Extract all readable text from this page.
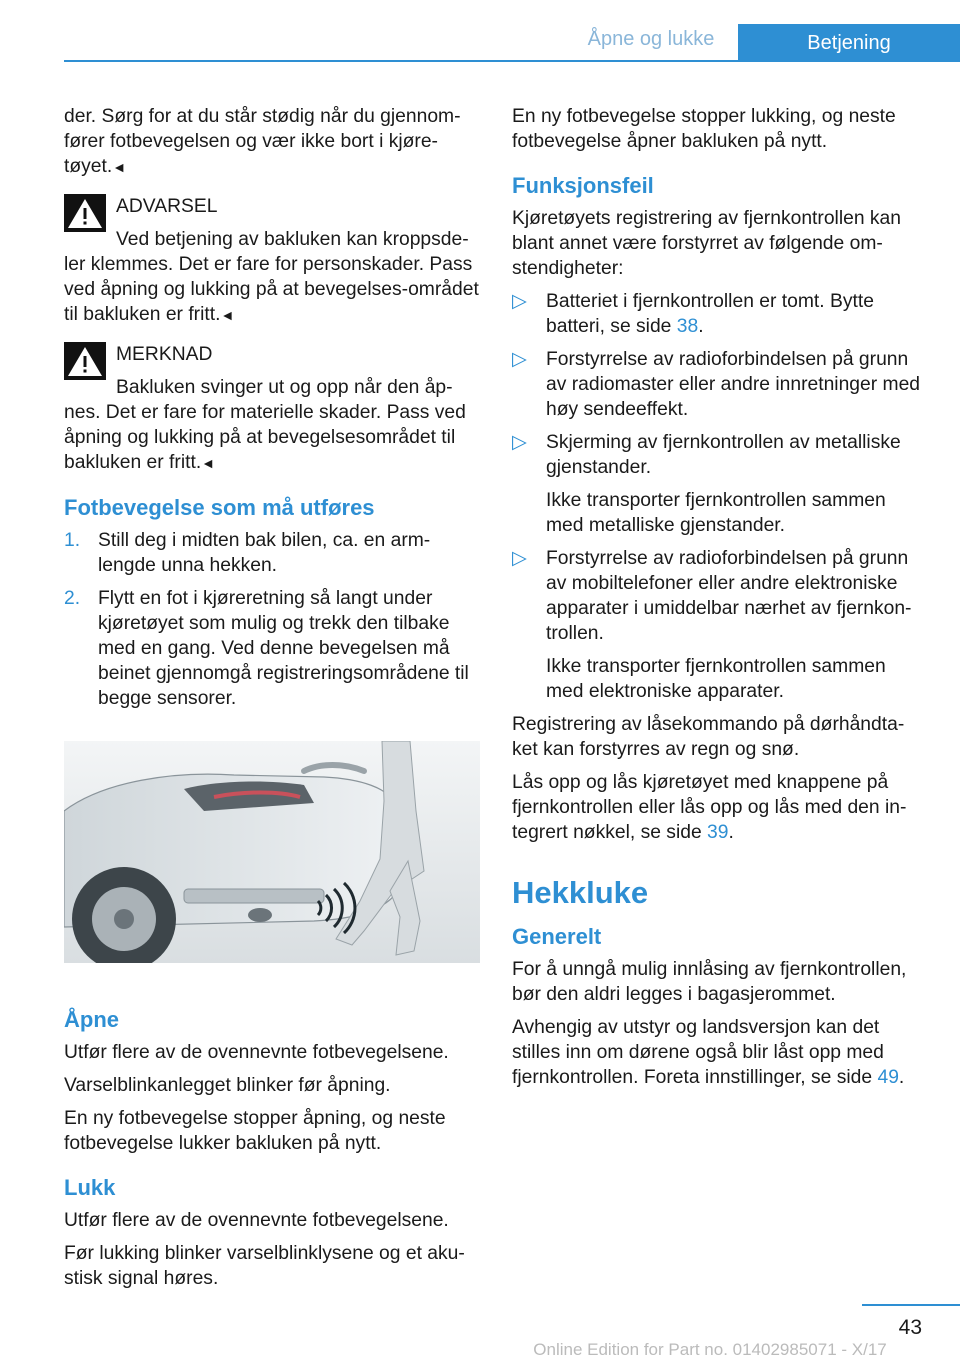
Åpne og lukke	Betjening

der. Sørg for at du står stødig når du gjennom-fører fotbevegelsen og vær ikke bort i kjøre-tøyet.◄

ADVARSEL

Ved betjening av bakluken kan kroppsde-ler klemmes. Det er fare for personskader. Pass ved åpning og lukking på at bevegelses-området til bakluken er fritt.◄

MERKNAD

Bakluken svinger ut og opp når den åp-nes. Det er fare for materielle skader. Pass ved åpning og lukking på at bevegelsesområdet til bakluken er fritt.◄

Fotbevegelse som må utføres
1. Still deg i midten bak bilen, ca. en arm-lengde unna hekken.
2. Flytt en fot i kjøreretning så langt under kjøretøyet som mulig og trekk den tilbake med en gang. Ved denne bevegelsen må beinet gjennomgå registreringsområdene til begge sensorer.
Åpne

Utfør flere av de ovennevnte fotbevegelsene.

Varselblinkanlegget blinker før åpning.

En ny fotbevegelse stopper åpning, og neste fotbevegelse lukker bakluken på nytt.

Lukk

Utfør flere av de ovennevnte fotbevegelsene.

Før lukking blinker varselblinklysene og et aku-stisk signal høres.

En ny fotbevegelse stopper lukking, og neste fotbevegelse åpner bakluken på nytt.

Funksjonsfeil

Kjøretøyets registrering av fjernkontrollen kan blant annet være forstyrret av følgende om-stendigheter:

▷ Batteriet i fjernkontrollen er tomt. Bytte batteri, se side 38.
▷ Forstyrrelse av radioforbindelsen på grunn av radiomaster eller andre innretninger med høy sendeeffekt.
▷ Skjerming av fjernkontrollen av metalliske gjenstander.
Ikke transporter fjernkontrollen sammen med metalliske gjenstander.
▷ Forstyrrelse av radioforbindelsen på grunn av mobiltelefoner eller andre elektroniske apparater i umiddelbar nærhet av fjernkon-trollen.
Ikke transporter fjernkontrollen sammen med elektroniske apparater.

Registrering av låsekommando på dørhåndta-ket kan forstyrres av regn og snø.

Lås opp og lås kjøretøyet med knappene på fjernkontrollen eller lås opp og lås med den in-tegrert nøkkel, se side 39.

Hekkluke
Generelt

For å unngå mulig innlåsing av fjernkontrollen, bør den aldri legges i bagasjerommet.

Avhengig av utstyr og landsversjon kan det stilles inn om dørene også blir låst opp med fjernkontrollen. Foreta innstillinger, se side 49.

43
Online Edition for Part no. 01402985071 - X/17
